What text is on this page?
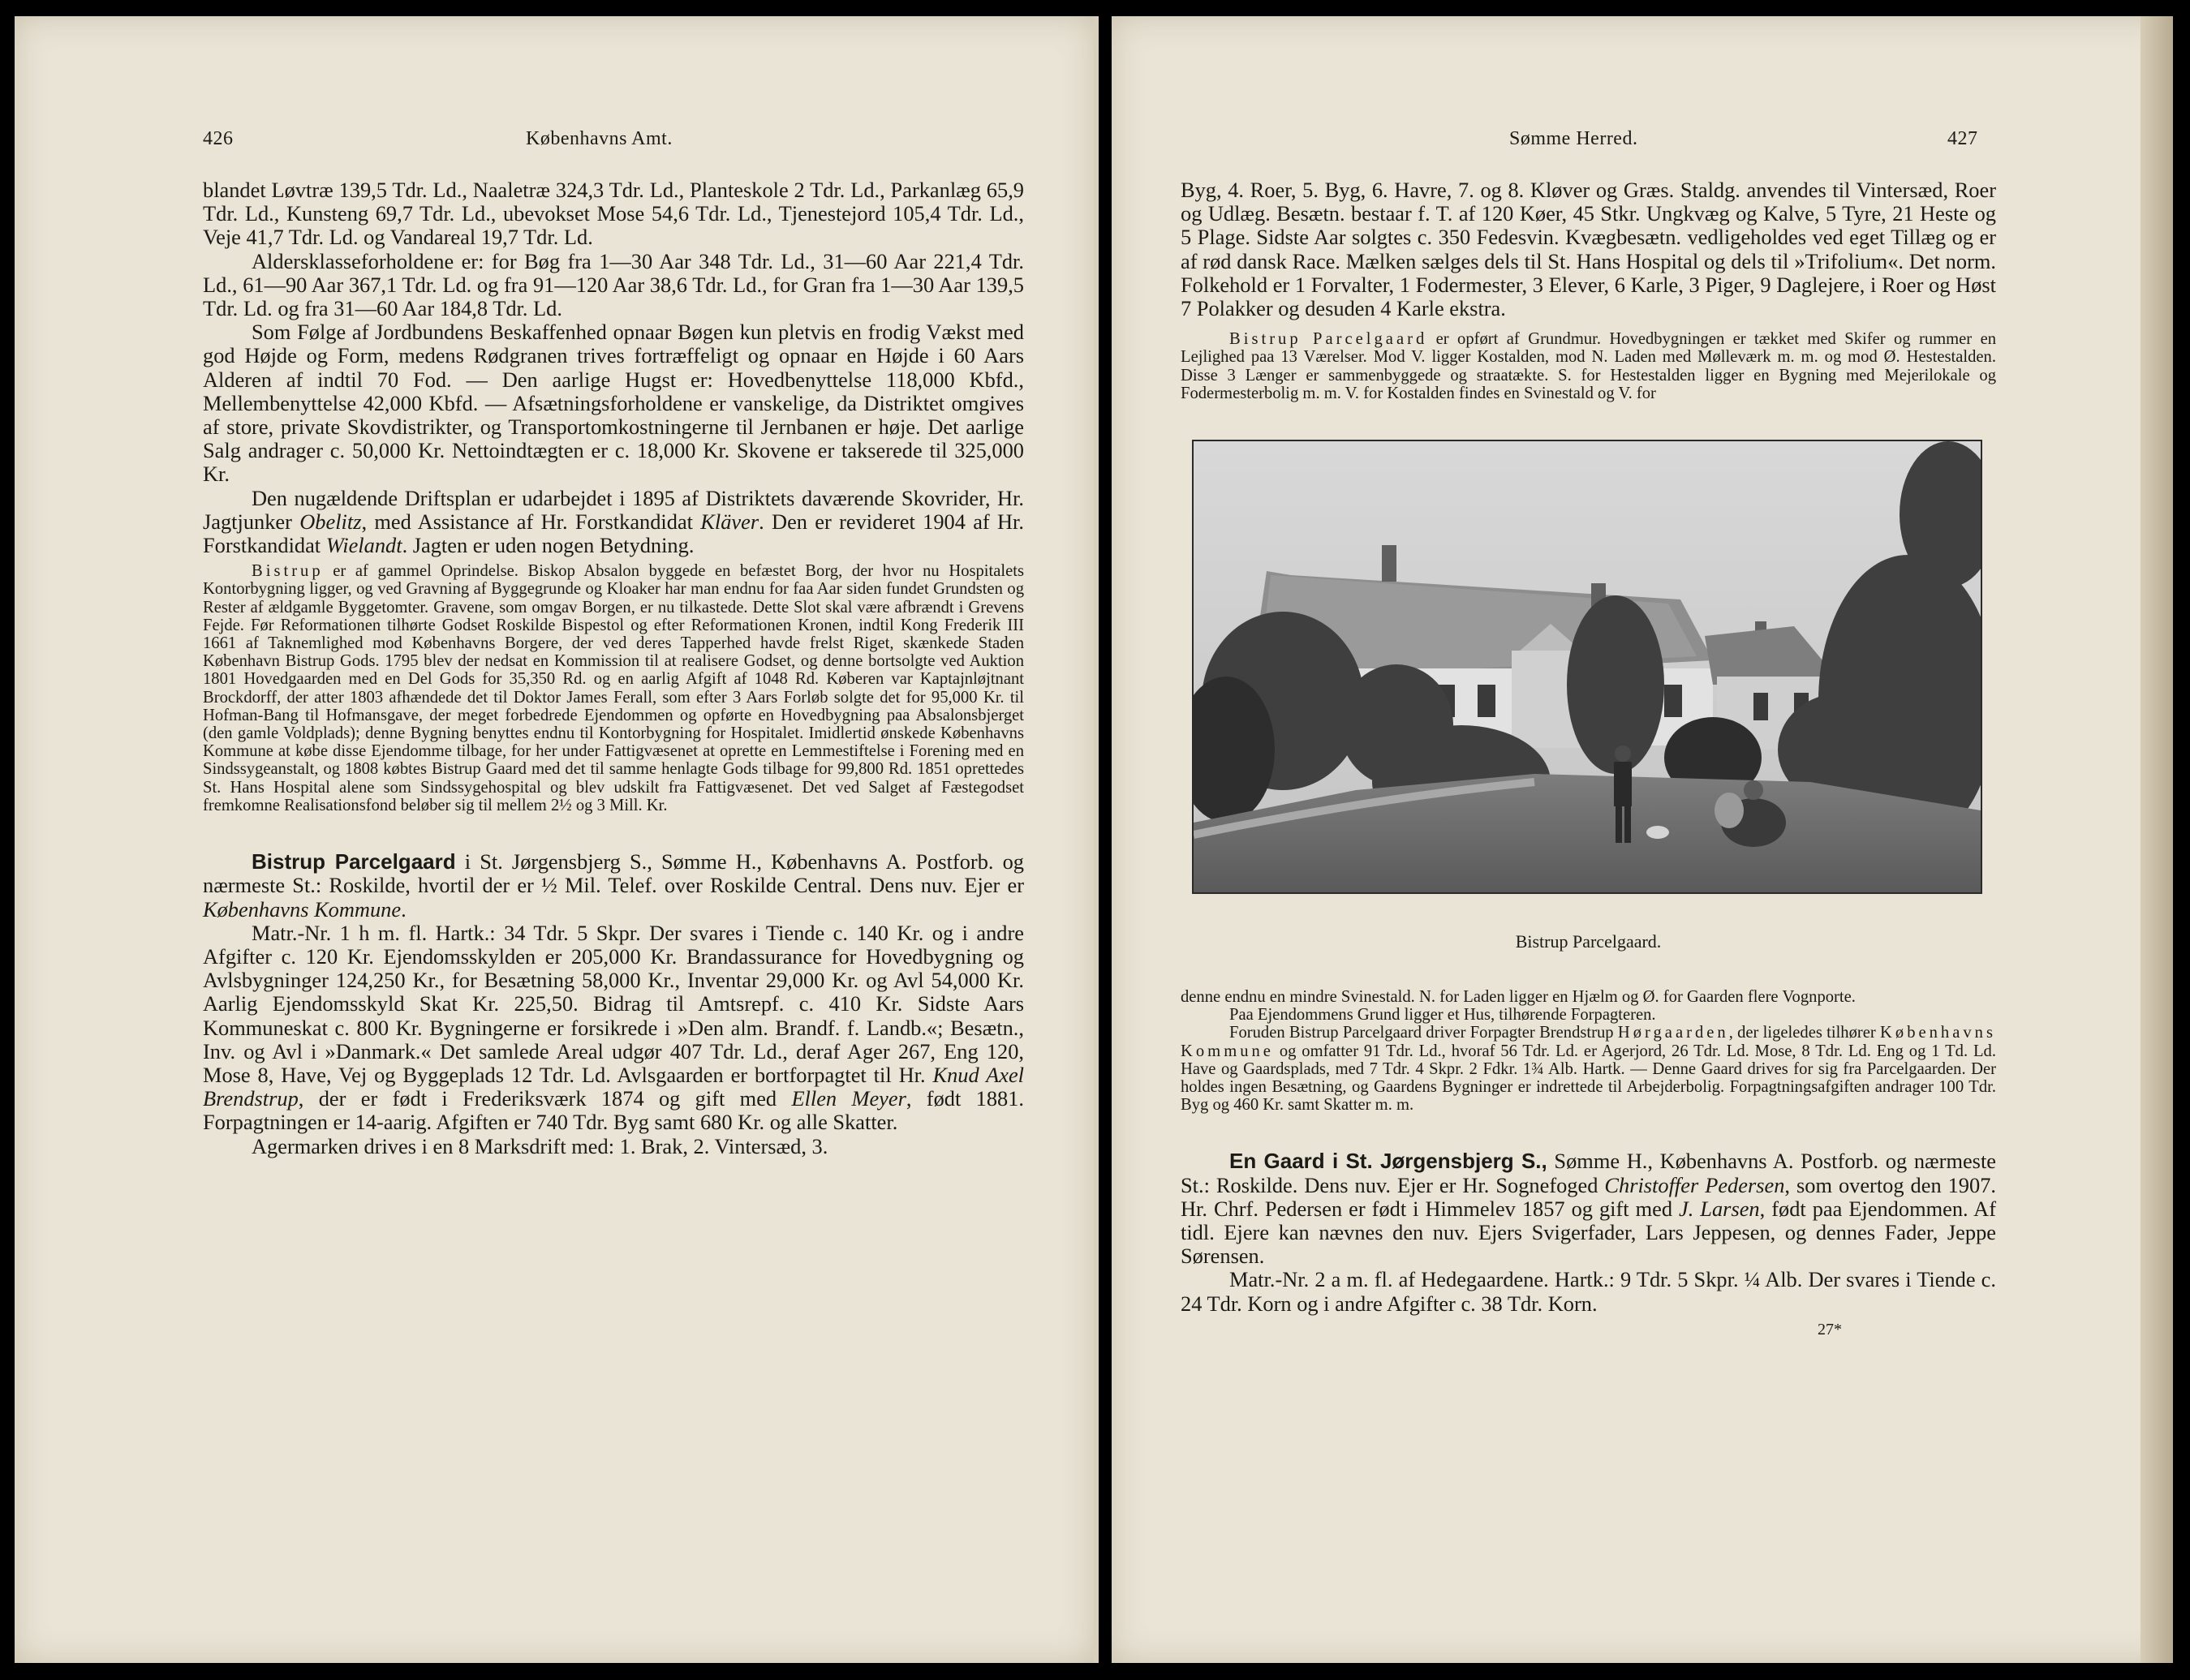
426	Københavns Amt.

blandet Løvtræ 139,5 Tdr. Ld., Naaletræ 324,3 Tdr. Ld., Planteskole 2 Tdr. Ld., Parkanlæg 65,9 Tdr. Ld., Kunsteng 69,7 Tdr. Ld., ubevokset Mose 54,6 Tdr. Ld., Tjenestejord 105,4 Tdr. Ld., Veje 41,7 Tdr. Ld. og Vandareal 19,7 Tdr. Ld.

Aldersklasseforholdene er: for Bøg fra 1—30 Aar 348 Tdr. Ld., 31—60 Aar 221,4 Tdr. Ld., 61—90 Aar 367,1 Tdr. Ld. og fra 91—120 Aar 38,6 Tdr. Ld., for Gran fra 1—30 Aar 139,5 Tdr. Ld. og fra 31—60 Aar 184,8 Tdr. Ld.

Som Følge af Jordbundens Beskaffenhed opnaar Bøgen kun pletvis en frodig Vækst med god Højde og Form, medens Rødgranen trives fortræffeligt og opnaar en Højde i 60 Aars Alderen af indtil 70 Fod. — Den aarlige Hugst er: Hovedbenyttelse 118,000 Kbfd., Mellembenyttelse 42,000 Kbfd. — Afsætningsforholdene er vanskelige, da Distriktet omgives af store, private Skovdistrikter, og Transportomkostningerne til Jernbanen er høje. Det aarlige Salg andrager c. 50,000 Kr. Nettoindtægten er c. 18,000 Kr. Skovene er takserede til 325,000 Kr.

Den nugældende Driftsplan er udarbejdet i 1895 af Distriktets daværende Skovrider, Hr. Jagtjunker Obelitz, med Assistance af Hr. Forstkandidat Kläver. Den er revideret 1904 af Hr. Forstkandidat Wielandt. Jagten er uden nogen Betydning.

Bistrup er af gammel Oprindelse. Biskop Absalon byggede en befæstet Borg, der hvor nu Hospitalets Kontorbygning ligger, og ved Gravning af Byggegrunde og Kloaker har man endnu for faa Aar siden fundet Grundsten og Rester af ældgamle Byggetomter. Gravene, som omgav Borgen, er nu tilkastede. Dette Slot skal være afbrændt i Grevens Fejde. Før Reformationen tilhørte Godset Roskilde Bispestol og efter Reformationen Kronen, indtil Kong Frederik III 1661 af Taknemlighed mod Københavns Borgere, der ved deres Tapperhed havde frelst Riget, skænkede Staden København Bistrup Gods. 1795 blev der nedsat en Kommission til at realisere Godset, og denne bortsolgte ved Auktion 1801 Hovedgaarden med en Del Gods for 35,350 Rd. og en aarlig Afgift af 1048 Rd. Køberen var Kaptajnløjtnant Brockdorff, der atter 1803 afhændede det til Doktor James Ferall, som efter 3 Aars Forløb solgte det for 95,000 Kr. til Hofman-Bang til Hofmansgave, der meget forbedrede Ejendommen og opførte en Hovedbygning paa Absalonsbjerget (den gamle Voldplads); denne Bygning benyttes endnu til Kontorbygning for Hospitalet. Imidlertid ønskede Københavns Kommune at købe disse Ejendomme tilbage, for her under Fattigvæsenet at oprette en Lemmestiftelse i Forening med en Sindssygeanstalt, og 1808 købtes Bistrup Gaard med det til samme henlagte Gods tilbage for 99,800 Rd. 1851 oprettedes St. Hans Hospital alene som Sindssygehospital og blev udskilt fra Fattigvæsenet. Det ved Salget af Fæstegodset fremkomne Realisationsfond beløber sig til mellem 2½ og 3 Mill. Kr.

Bistrup Parcelgaard i St. Jørgensbjerg S., Sømme H., Københavns A. Postforb. og nærmeste St.: Roskilde, hvortil der er ½ Mil. Telef. over Roskilde Central. Dens nuv. Ejer er Københavns Kommune.

Matr.-Nr. 1 h m. fl. Hartk.: 34 Tdr. 5 Skpr. Der svares i Tiende c. 140 Kr. og i andre Afgifter c. 120 Kr. Ejendomsskylden er 205,000 Kr. Brandassurance for Hovedbygning og Avlsbygninger 124,250 Kr., for Besætning 58,000 Kr., Inventar 29,000 Kr. og Avl 54,000 Kr. Aarlig Ejendomsskyld Skat Kr. 225,50. Bidrag til Amtsrepf. c. 410 Kr. Sidste Aars Kommuneskat c. 800 Kr. Bygningerne er forsikrede i »Den alm. Brandf. f. Landb.«; Besætn., Inv. og Avl i »Danmark.« Det samlede Areal udgør 407 Tdr. Ld., deraf Ager 267, Eng 120, Mose 8, Have, Vej og Byggeplads 12 Tdr. Ld. Avlsgaarden er bortforpagtet til Hr. Knud Axel Brendstrup, der er født i Frederiksværk 1874 og gift med Ellen Meyer, født 1881. Forpagtningen er 14-aarig. Afgiften er 740 Tdr. Byg samt 680 Kr. og alle Skatter.

Agermarken drives i en 8 Marksdrift med: 1. Brak, 2. Vintersæd, 3.

Sømme Herred.	427

Byg, 4. Roer, 5. Byg, 6. Havre, 7. og 8. Kløver og Græs. Staldg. anvendes til Vintersæd, Roer og Udlæg. Besætn. bestaar f. T. af 120 Køer, 45 Stkr. Ungkvæg og Kalve, 5 Tyre, 21 Heste og 5 Plage. Sidste Aar solgtes c. 350 Fedesvin. Kvægbesætn. vedligeholdes ved eget Tillæg og er af rød dansk Race. Mælken sælges dels til St. Hans Hospital og dels til »Trifolium«. Det norm. Folkehold er 1 Forvalter, 1 Fodermester, 3 Elever, 6 Karle, 3 Piger, 9 Daglejere, i Roer og Høst 7 Polakker og desuden 4 Karle ekstra.

Bistrup Parcelgaard er opført af Grundmur. Hovedbygningen er tækket med Skifer og rummer en Lejlighed paa 13 Værelser. Mod V. ligger Kostalden, mod N. Laden med Mølleværk m. m. og mod Ø. Hestestalden. Disse 3 Længer er sammenbyggede og straatækte. S. for Hestestalden ligger en Bygning med Mejerilokale og Fodermesterbolig m. m. V. for Kostalden findes en Svinestald og V. for

Bistrup Parcelgaard.

denne endnu en mindre Svinestald. N. for Laden ligger en Hjælm og Ø. for Gaarden flere Vognporte.

Paa Ejendommens Grund ligger et Hus, tilhørende Forpagteren.

Foruden Bistrup Parcelgaard driver Forpagter Brendstrup Hørgaarden, der ligeledes tilhører Københavns Kommune og omfatter 91 Tdr. Ld., hvoraf 56 Tdr. Ld. er Agerjord, 26 Tdr. Ld. Mose, 8 Tdr. Ld. Eng og 1 Td. Ld. Have og Gaardsplads, med 7 Tdr. 4 Skpr. 2 Fdkr. 1¾ Alb. Hartk. — Denne Gaard drives for sig fra Parcelgaarden. Der holdes ingen Besætning, og Gaardens Bygninger er indrettede til Arbejderbolig. Forpagtningsafgiften andrager 100 Tdr. Byg og 460 Kr. samt Skatter m. m.

En Gaard i St. Jørgensbjerg S., Sømme H., Københavns A. Postforb. og nærmeste St.: Roskilde. Dens nuv. Ejer er Hr. Sognefoged Christoffer Pedersen, som overtog den 1907. Hr. Chrf. Pedersen er født i Himmelev 1857 og gift med J. Larsen, født paa Ejendommen. Af tidl. Ejere kan nævnes den nuv. Ejers Svigerfader, Lars Jeppesen, og dennes Fader, Jeppe Sørensen.

Matr.-Nr. 2 a m. fl. af Hedegaardene. Hartk.: 9 Tdr. 5 Skpr. ¼ Alb. Der svares i Tiende c. 24 Tdr. Korn og i andre Afgifter c. 38 Tdr. Korn.

27*
